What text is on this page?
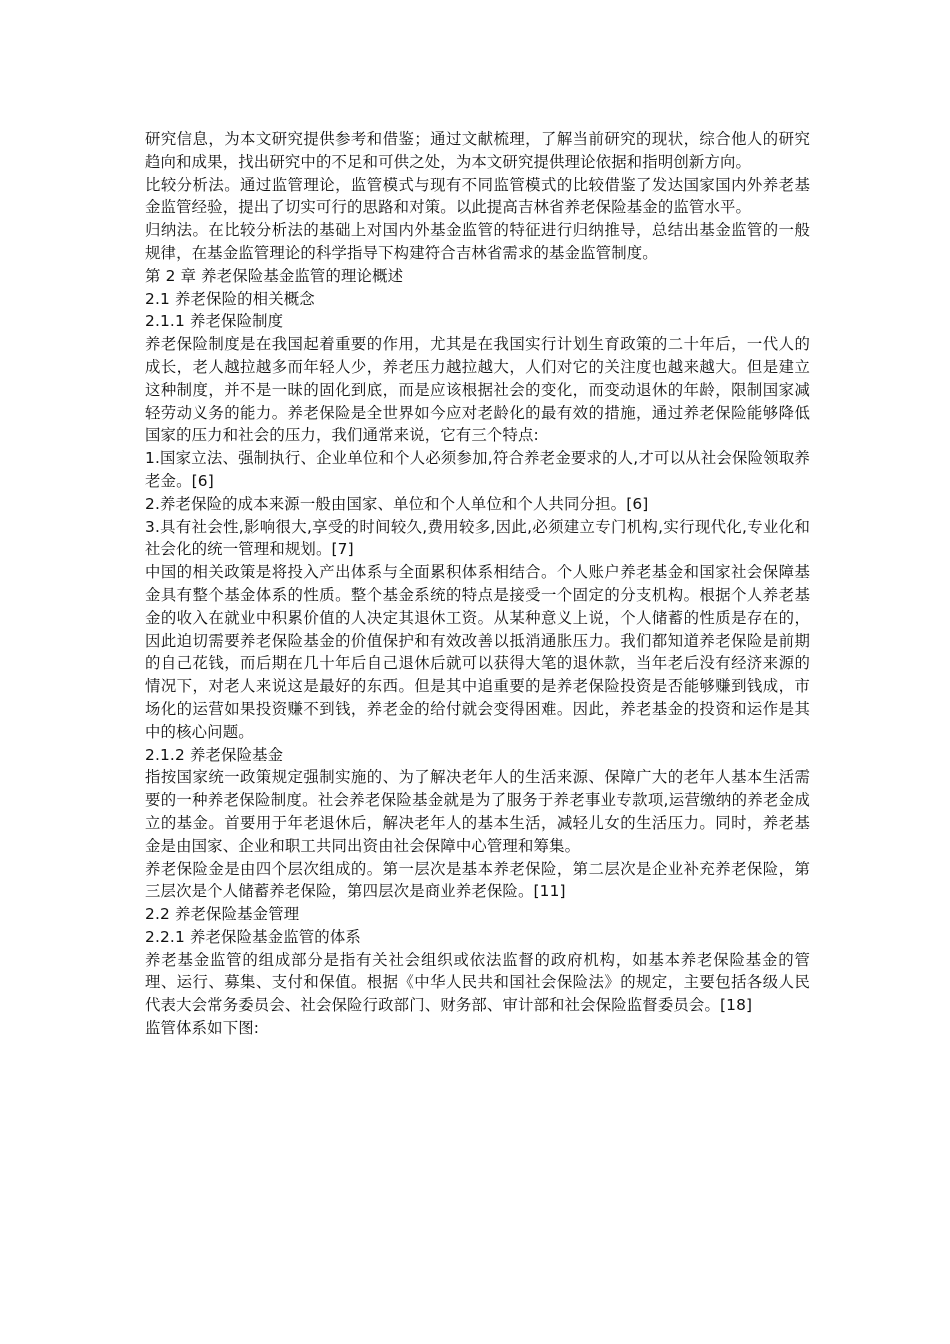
研究信息，为本文研究提供参考和借鉴；通过文献梳理，了解当前研究的现状，综合他人的研究趋向和成果，找出研究中的不足和可供之处，为本文研究提供理论依据和指明创新方向。

比较分析法。通过监管理论，监管模式与现有不同监管模式的比较借鉴了发达国家国内外养老基金监管经验，提出了切实可行的思路和对策。以此提高吉林省养老保险基金的监管水平。

归纳法。在比较分析法的基础上对国内外基金监管的特征进行归纳推导，总结出基金监管的一般规律，在基金监管理论的科学指导下构建符合吉林省需求的基金监管制度。

第 2 章 养老保险基金监管的理论概述

2.1 养老保险的相关概念

2.1.1 养老保险制度

养老保险制度是在我国起着重要的作用，尤其是在我国实行计划生育政策的二十年后，一代人的成长，老人越拉越多而年轻人少，养老压力越拉越大，人们对它的关注度也越来越大。但是建立这种制度，并不是一昧的固化到底，而是应该根据社会的变化，而变动退休的年龄，限制国家减轻劳动义务的能力。养老保险是全世界如今应对老龄化的最有效的措施，通过养老保险能够降低国家的压力和社会的压力，我们通常来说，它有三个特点:

1.国家立法、强制执行、企业单位和个人必须参加,符合养老金要求的人,才可以从社会保险领取养老金。[6]

2.养老保险的成本来源一般由国家、单位和个人单位和个人共同分担。[6]

3.具有社会性,影响很大,享受的时间较久,费用较多,因此,必须建立专门机构,实行现代化,专业化和社会化的统一管理和规划。[7]

中国的相关政策是将投入产出体系与全面累积体系相结合。个人账户养老基金和国家社会保障基金具有整个基金体系的性质。整个基金系统的特点是接受一个固定的分支机构。根据个人养老基金的收入在就业中积累价值的人决定其退休工资。从某种意义上说，个人储蓄的性质是存在的，因此迫切需要养老保险基金的价值保护和有效改善以抵消通胀压力。我们都知道养老保险是前期的自己花钱，而后期在几十年后自己退休后就可以获得大笔的退休款，当年老后没有经济来源的情况下，对老人来说这是最好的东西。但是其中追重要的是养老保险投资是否能够赚到钱成，市场化的运营如果投资赚不到钱，养老金的给付就会变得困难。因此，养老基金的投资和运作是其中的核心问题。

2.1.2 养老保险基金

指按国家统一政策规定强制实施的、为了解决老年人的生活来源、保障广大的老年人基本生活需要的一种养老保险制度。社会养老保险基金就是为了服务于养老事业专款项,运营缴纳的养老金成立的基金。首要用于年老退休后，解决老年人的基本生活，减轻儿女的生活压力。同时，养老基金是由国家、企业和职工共同出资由社会保障中心管理和筹集。

养老保险金是由四个层次组成的。第一层次是基本养老保险，第二层次是企业补充养老保险，第三层次是个人储蓄养老保险，第四层次是商业养老保险。[11]

2.2 养老保险基金管理

2.2.1 养老保险基金监管的体系

养老基金监管的组成部分是指有关社会组织或依法监督的政府机构，如基本养老保险基金的管理、运行、募集、支付和保值。根据《中华人民共和国社会保险法》的规定，主要包括各级人民代表大会常务委员会、社会保险行政部门、财务部、审计部和社会保险监督委员会。[18]

监管体系如下图:
